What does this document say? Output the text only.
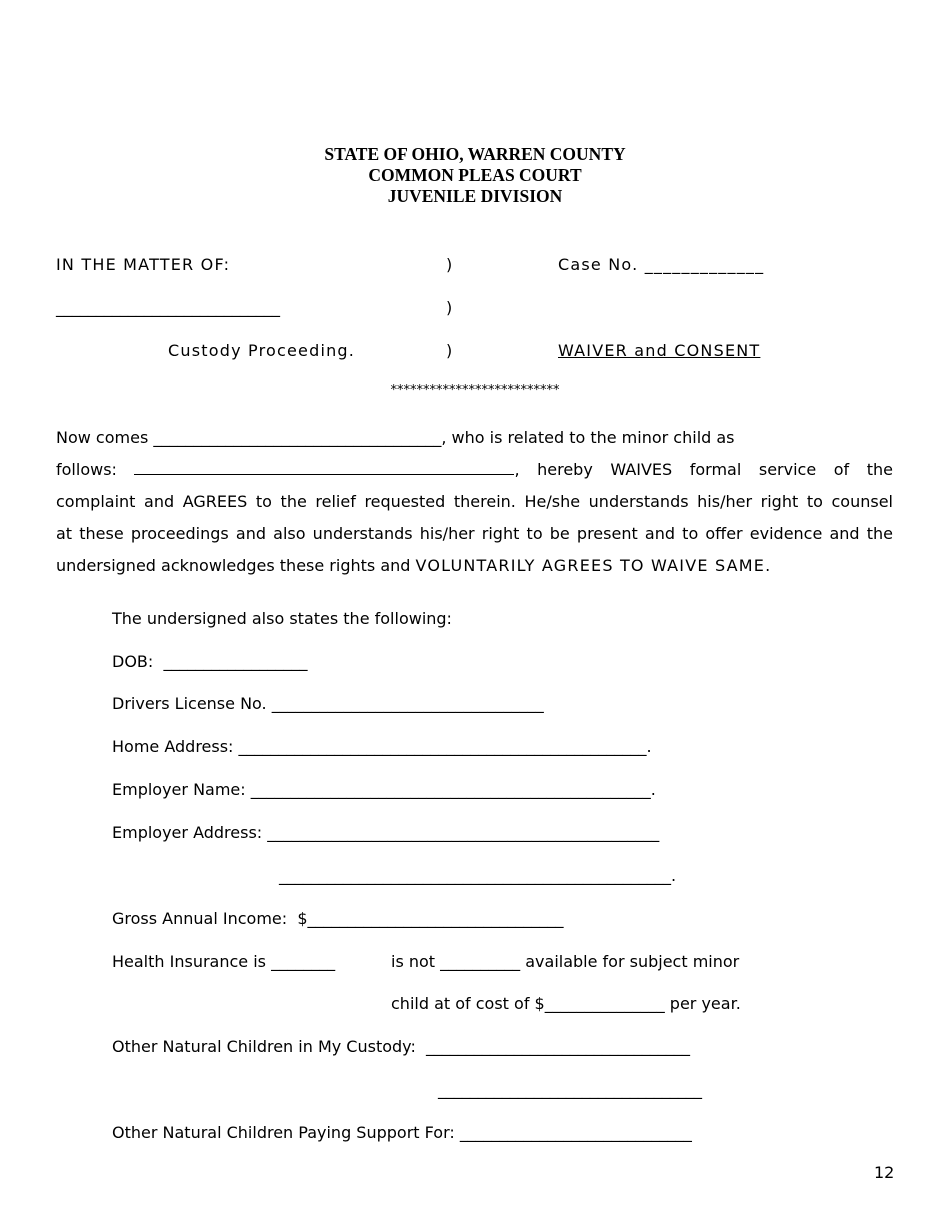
STATE OF OHIO, WARREN COUNTY
COMMON PLEAS COURT
JUVENILE DIVISION
IN THE MATTER OF:	)	Case No. _____________
____________________________	)
Custody Proceeding.	)	WAIVER and CONSENT
**************************
Now comes ____________________________________, who is related to the minor child as
follows:	, hereby WAIVES formal service of the
complaint and AGREES to the relief requested therein. He/she understands his/her right to counsel
at these proceedings and also understands his/her right to be present and to offer evidence and the
undersigned acknowledges these rights and VOLUNTARILY AGREES TO WAIVE SAME.
The undersigned also states the following:
DOB:  __________________
Drivers License No. __________________________________
Home Address: ___________________________________________________.
Employer Name: __________________________________________________.
Employer Address: _________________________________________________
_________________________________________________.
Gross Annual Income:  $________________________________
Health Insurance is ________	is not __________ available for subject minor
child at of cost of $_______________ per year.
Other Natural Children in My Custody:  _________________________________
_________________________________
Other Natural Children Paying Support For: _____________________________
12
